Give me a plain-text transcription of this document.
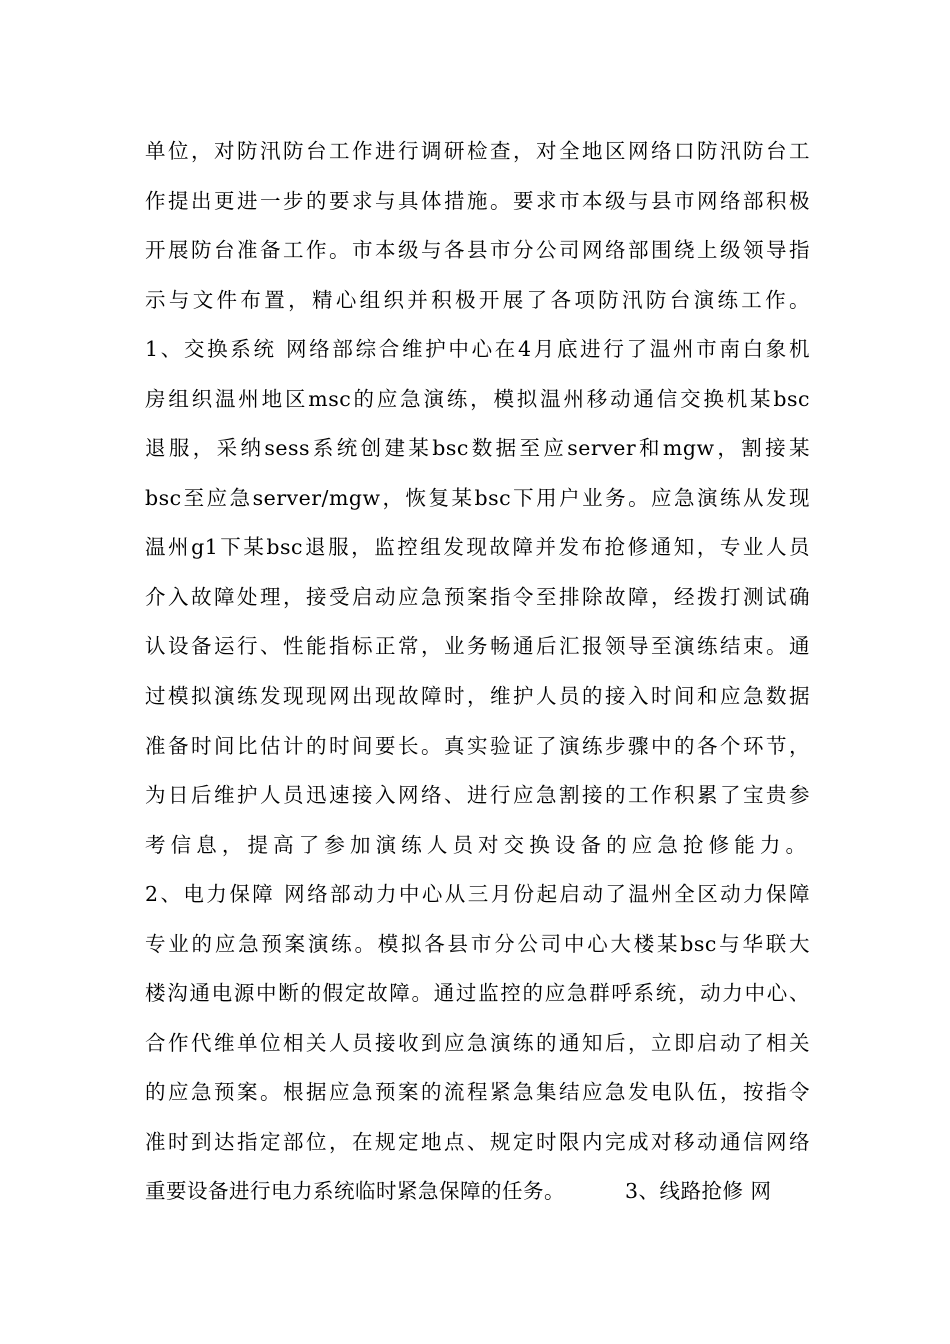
单位，对防汛防台工作进行调研检查，对全地区网络口防汛防台工

作提出更进一步的要求与具体措施。要求市本级与县市网络部积极

开展防台准备工作。市本级与各县市分公司网络部围绕上级领导指

示与文件布置，精心组织并积极开展了各项防汛防台演练工作。

1、交换系统 网络部综合维护中心在4月底进行了温州市南白象机

房组织温州地区msc的应急演练，模拟温州移动通信交换机某bsc

退服，采纳sess系统创建某bsc数据至应server和mgw，割接某

bsc至应急server/mgw，恢复某bsc下用户业务。应急演练从发现

温州g1下某bsc退服，监控组发现故障并发布抢修通知，专业人员

介入故障处理，接受启动应急预案指令至排除故障，经拨打测试确

认设备运行、性能指标正常，业务畅通后汇报领导至演练结束。通

过模拟演练发现现网出现故障时，维护人员的接入时间和应急数据

准备时间比估计的时间要长。真实验证了演练步骤中的各个环节，

为日后维护人员迅速接入网络、进行应急割接的工作积累了宝贵参

考信息，提高了参加演练人员对交换设备的应急抢修能力。

2、电力保障 网络部动力中心从三月份起启动了温州全区动力保障

专业的应急预案演练。模拟各县市分公司中心大楼某bsc与华联大

楼沟通电源中断的假定故障。通过监控的应急群呼系统，动力中心、

合作代维单位相关人员接收到应急演练的通知后，立即启动了相关

的应急预案。根据应急预案的流程紧急集结应急发电队伍，按指令

准时到达指定部位，在规定地点、规定时限内完成对移动通信网络

重要设备进行电力系统临时紧急保障的任务。	3、线路抢修 网
